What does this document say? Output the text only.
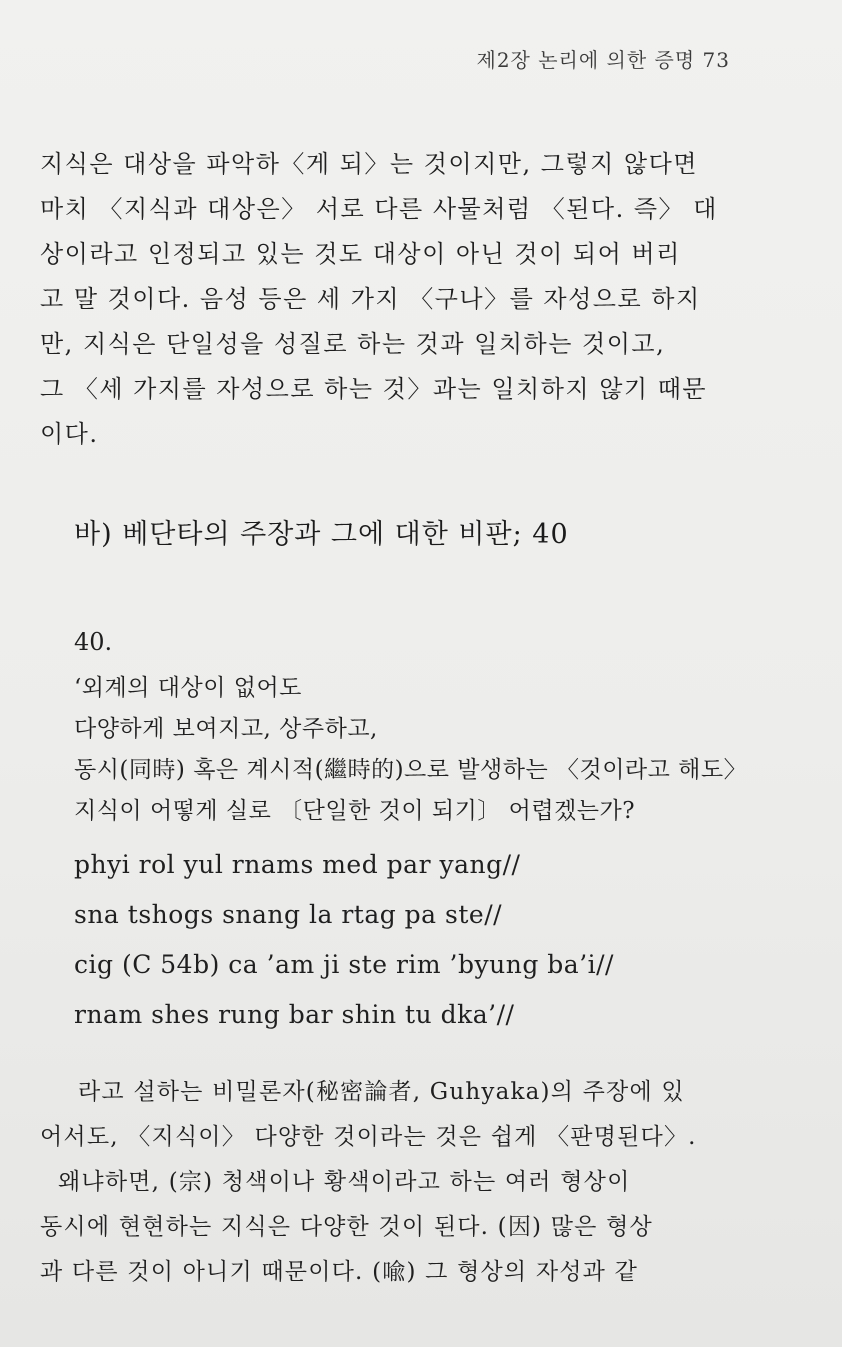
제2장 논리에 의한 증명 73
지식은 대상을 파악하〈게 되〉는 것이지만, 그렇지 않다면
마치 〈지식과 대상은〉 서로 다른 사물처럼 〈된다. 즉〉 대
상이라고 인정되고 있는 것도 대상이 아닌 것이 되어 버리
고 말 것이다. 음성 등은 세 가지 〈구나〉를 자성으로 하지
만, 지식은 단일성을 성질로 하는 것과 일치하는 것이고,
그 〈세 가지를 자성으로 하는 것〉과는 일치하지 않기 때문
이다.
바) 베단타의 주장과 그에 대한 비판; 40
40.
‘외계의 대상이 없어도
다양하게 보여지고, 상주하고,
동시(同時) 혹은 계시적(繼時的)으로 발생하는 〈것이라고 해도〉
지식이 어떻게 실로 〔단일한 것이 되기〕 어렵겠는가?
phyi rol yul rnams med par yang//
sna tshogs snang la rtag pa ste//
cig (C 54b) ca ’am ji ste rim ’byung ba’i//
rnam shes rung bar shin tu dka’//
라고 설하는 비밀론자(秘密論者, Guhyaka)의 주장에 있
어서도, 〈지식이〉 다양한 것이라는 것은 쉽게 〈판명된다〉.
왜냐하면, (宗) 청색이나 황색이라고 하는 여러 형상이
동시에 현현하는 지식은 다양한 것이 된다. (因) 많은 형상
과 다른 것이 아니기 때문이다. (喩) 그 형상의 자성과 같
